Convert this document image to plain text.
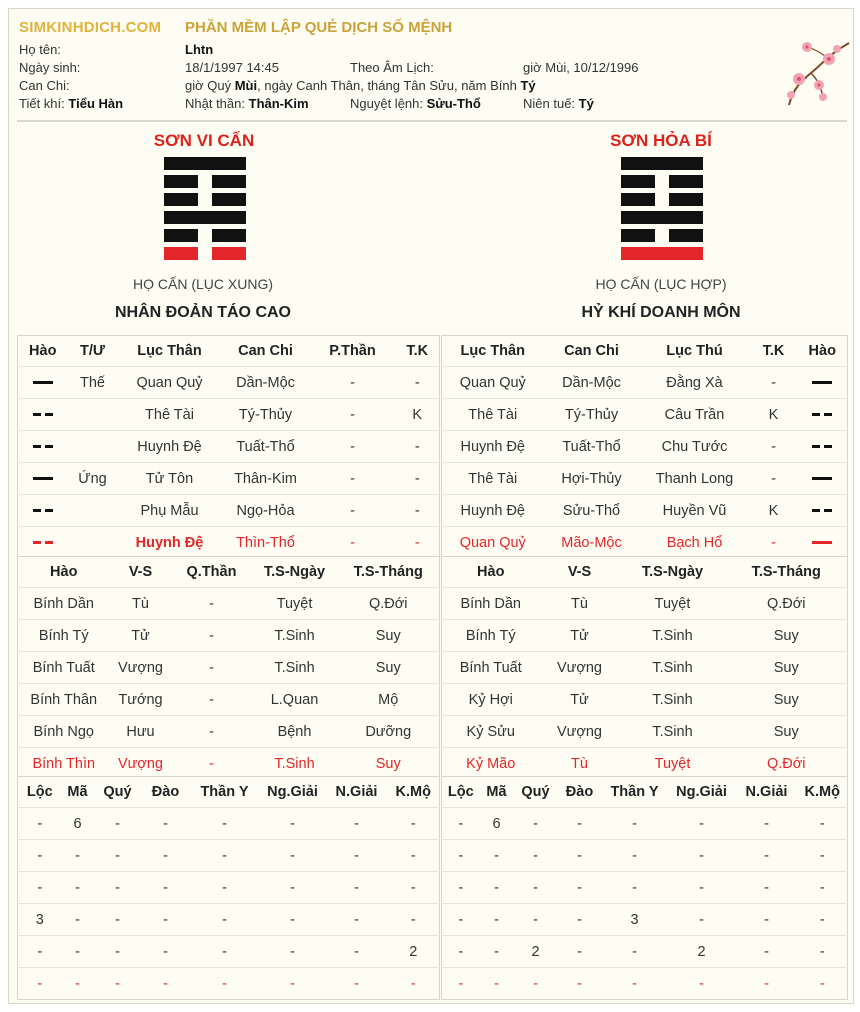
SIMKINHDICH.COM PHẦN MỀM LẬP QUẺ DỊCH SỐ MỆNH
Họ tên:	Lhtn
Ngày sinh:	18/1/1997 14:45	Theo Âm Lịch:	giờ Mùi, 10/12/1996
Can Chi:	giờ Quý Mùi, ngày Canh Thân, tháng Tân Sửu, năm Bính Tý
Tiết khí: Tiểu Hàn	Nhật thần: Thân-Kim	Nguyệt lệnh: Sửu-Thổ	Niên tuế: Tý
SƠN VI CẤN
HỌ CẤN (LỤC XUNG)
NHÂN ĐOẢN TÁO CAO
SƠN HỎA BÍ
HỌ CẤN (LỤC HỢP)
HỶ KHÍ DOANH MÔN
Hào	T/Ư	Lục Thân	Can Chi	P.Thần	T.K
	Thế	Quan Quỷ	Dần-Mộc	-	-
		Thê Tài	Tý-Thủy	-	K
		Huynh Đệ	Tuất-Thổ	-	-
	Ứng	Tử Tôn	Thân-Kim	-	-
		Phụ Mẫu	Ngọ-Hỏa	-	-
		Huynh Đệ	Thìn-Thổ	-	-
Lục Thân	Can Chi	Lục Thú	T.K	Hào
Quan Quỷ	Dần-Mộc	Đằng Xà	-	
Thê Tài	Tý-Thủy	Câu Trần	K	
Huynh Đệ	Tuất-Thổ	Chu Tước	-	
Thê Tài	Hợi-Thủy	Thanh Long	-	
Huynh Đệ	Sửu-Thổ	Huyền Vũ	K	
Quan Quỷ	Mão-Mộc	Bạch Hổ	-	
Hào	V-S	Q.Thần	T.S-Ngày	T.S-Tháng
Bính Dần	Tù	-	Tuyệt	Q.Đới
Bính Tý	Tử	-	T.Sinh	Suy
Bính Tuất	Vượng	-	T.Sinh	Suy
Bính Thân	Tướng	-	L.Quan	Mộ
Bính Ngọ	Hưu	-	Bệnh	Dưỡng
Bính Thìn	Vượng	-	T.Sinh	Suy
Hào	V-S	T.S-Ngày	T.S-Tháng
Bính Dần	Tù	Tuyệt	Q.Đới
Bính Tý	Tử	T.Sinh	Suy
Bính Tuất	Vượng	T.Sinh	Suy
Kỷ Hợi	Tử	T.Sinh	Suy
Kỷ Sửu	Vượng	T.Sinh	Suy
Kỷ Mão	Tù	Tuyệt	Q.Đới
Lộc	Mã	Quý	Đào	Thần Y	Ng.Giải	N.Giải	K.Mộ
-	6	-	-	-	-	-	-
-	-	-	-	-	-	-	-
-	-	-	-	-	-	-	-
3	-	-	-	-	-	-	-
-	-	-	-	-	-	-	2
-	-	-	-	-	-	-	-
Lộc	Mã	Quý	Đào	Thần Y	Ng.Giải	N.Giải	K.Mộ
-	6	-	-	-	-	-	-
-	-	-	-	-	-	-	-
-	-	-	-	-	-	-	-
-	-	-	-	3	-	-	-
-	-	2	-	-	2	-	-
-	-	-	-	-	-	-	-
